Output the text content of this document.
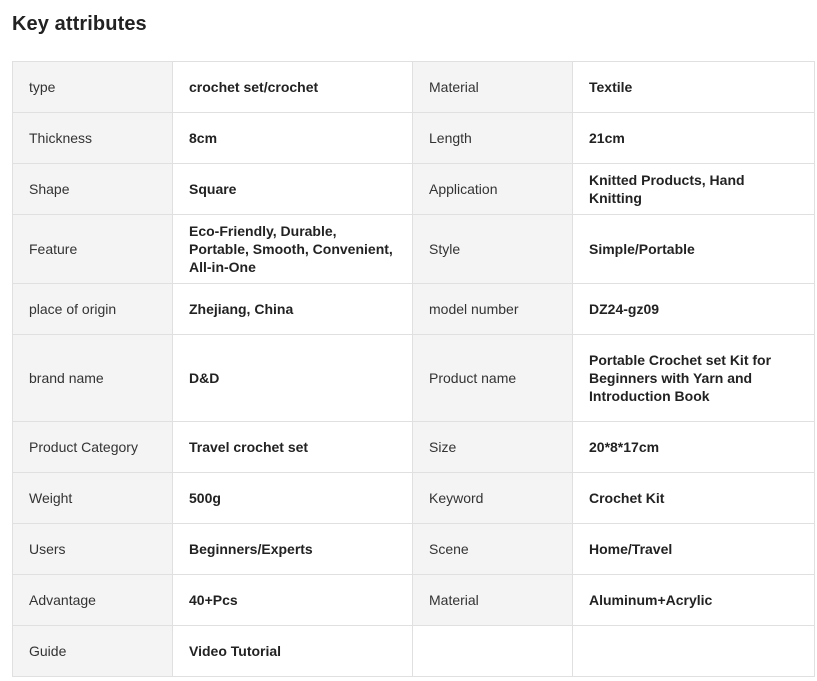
Key attributes
type	crochet set/crochet	Material	Textile
Thickness	8cm	Length	21cm
Shape	Square	Application	Knitted Products, Hand Knitting
Feature	Eco-Friendly, Durable, Portable, Smooth, Convenient, All-in-One	Style	Simple/Portable
place of origin	Zhejiang, China	model number	DZ24-gz09
brand name	D&D	Product name	Portable Crochet set Kit for Beginners with Yarn and Introduction Book
Product Category	Travel crochet set	Size	20*8*17cm
Weight	500g	Keyword	Crochet Kit
Users	Beginners/Experts	Scene	Home/Travel
Advantage	40+Pcs	Material	Aluminum+Acrylic
Guide	Video Tutorial		
